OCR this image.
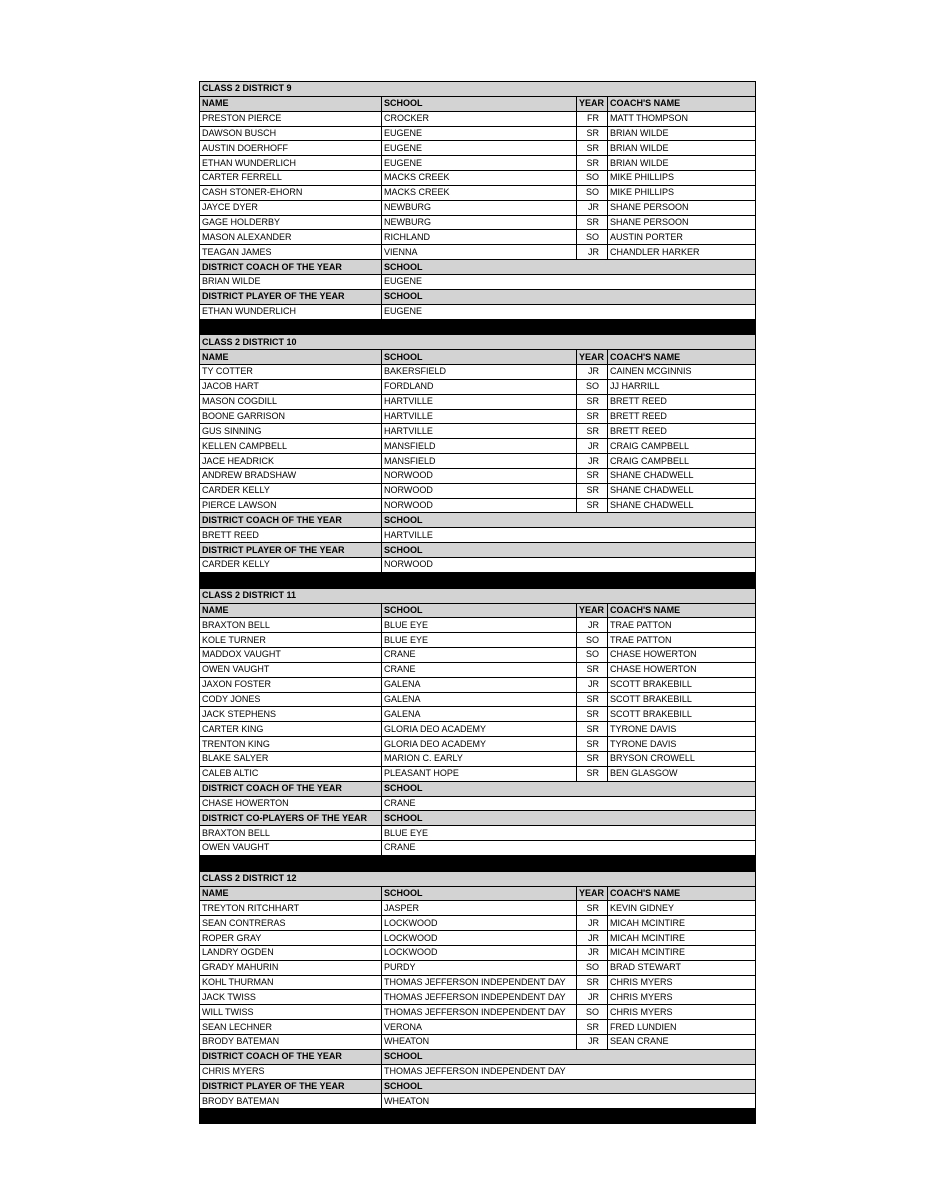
CLASS 2 DISTRICT 9			
NAME	SCHOOL	YEAR	COACH'S NAME
PRESTON PIERCE	CROCKER	FR	MATT THOMPSON
DAWSON BUSCH	EUGENE	SR	BRIAN WILDE
AUSTIN DOERHOFF	EUGENE	SR	BRIAN WILDE
ETHAN WUNDERLICH	EUGENE	SR	BRIAN WILDE
CARTER FERRELL	MACKS CREEK	SO	MIKE PHILLIPS
CASH STONER-EHORN	MACKS CREEK	SO	MIKE PHILLIPS
JAYCE DYER	NEWBURG	JR	SHANE PERSOON
GAGE HOLDERBY	NEWBURG	SR	SHANE PERSOON
MASON ALEXANDER	RICHLAND	SO	AUSTIN PORTER
TEAGAN JAMES	VIENNA	JR	CHANDLER HARKER
DISTRICT COACH OF THE YEAR	SCHOOL		
BRIAN WILDE	EUGENE		
DISTRICT PLAYER OF THE YEAR	SCHOOL		
ETHAN WUNDERLICH	EUGENE		

CLASS 2 DISTRICT 10			
NAME	SCHOOL	YEAR	COACH'S NAME
TY COTTER	BAKERSFIELD	JR	CAINEN MCGINNIS
JACOB HART	FORDLAND	SO	JJ HARRILL
MASON COGDILL	HARTVILLE	SR	BRETT REED
BOONE GARRISON	HARTVILLE	SR	BRETT REED
GUS SINNING	HARTVILLE	SR	BRETT REED
KELLEN CAMPBELL	MANSFIELD	JR	CRAIG CAMPBELL
JACE HEADRICK	MANSFIELD	JR	CRAIG CAMPBELL
ANDREW BRADSHAW	NORWOOD	SR	SHANE CHADWELL
CARDER KELLY	NORWOOD	SR	SHANE CHADWELL
PIERCE LAWSON	NORWOOD	SR	SHANE CHADWELL
DISTRICT COACH OF THE YEAR	SCHOOL		
BRETT REED	HARTVILLE		
DISTRICT PLAYER OF THE YEAR	SCHOOL		
CARDER KELLY	NORWOOD		

CLASS 2 DISTRICT 11			
NAME	SCHOOL	YEAR	COACH'S NAME
BRAXTON BELL	BLUE EYE	JR	TRAE PATTON
KOLE TURNER	BLUE EYE	SO	TRAE PATTON
MADDOX VAUGHT	CRANE	SO	CHASE HOWERTON
OWEN VAUGHT	CRANE	SR	CHASE HOWERTON
JAXON FOSTER	GALENA	JR	SCOTT BRAKEBILL
CODY JONES	GALENA	SR	SCOTT BRAKEBILL
JACK STEPHENS	GALENA	SR	SCOTT BRAKEBILL
CARTER KING	GLORIA DEO ACADEMY	SR	TYRONE DAVIS
TRENTON KING	GLORIA DEO ACADEMY	SR	TYRONE DAVIS
BLAKE SALYER	MARION C. EARLY	SR	BRYSON CROWELL
CALEB ALTIC	PLEASANT HOPE	SR	BEN GLASGOW
DISTRICT COACH OF THE YEAR	SCHOOL		
CHASE HOWERTON	CRANE		
DISTRICT CO-PLAYERS OF THE YEAR	SCHOOL		
BRAXTON BELL	BLUE EYE		
OWEN VAUGHT	CRANE		

CLASS 2 DISTRICT 12			
NAME	SCHOOL	YEAR	COACH'S NAME
TREYTON RITCHHART	JASPER	SR	KEVIN GIDNEY
SEAN CONTRERAS	LOCKWOOD	JR	MICAH MCINTIRE
ROPER GRAY	LOCKWOOD	JR	MICAH MCINTIRE
LANDRY OGDEN	LOCKWOOD	JR	MICAH MCINTIRE
GRADY MAHURIN	PURDY	SO	BRAD STEWART
KOHL THURMAN	THOMAS JEFFERSON INDEPENDENT DAY	SR	CHRIS MYERS
JACK TWISS	THOMAS JEFFERSON INDEPENDENT DAY	JR	CHRIS MYERS
WILL TWISS	THOMAS JEFFERSON INDEPENDENT DAY	SO	CHRIS MYERS
SEAN LECHNER	VERONA	SR	FRED LUNDIEN
BRODY BATEMAN	WHEATON	JR	SEAN CRANE
DISTRICT COACH OF THE YEAR	SCHOOL		
CHRIS MYERS	THOMAS JEFFERSON INDEPENDENT DAY		
DISTRICT PLAYER OF THE YEAR	SCHOOL		
BRODY BATEMAN	WHEATON		
